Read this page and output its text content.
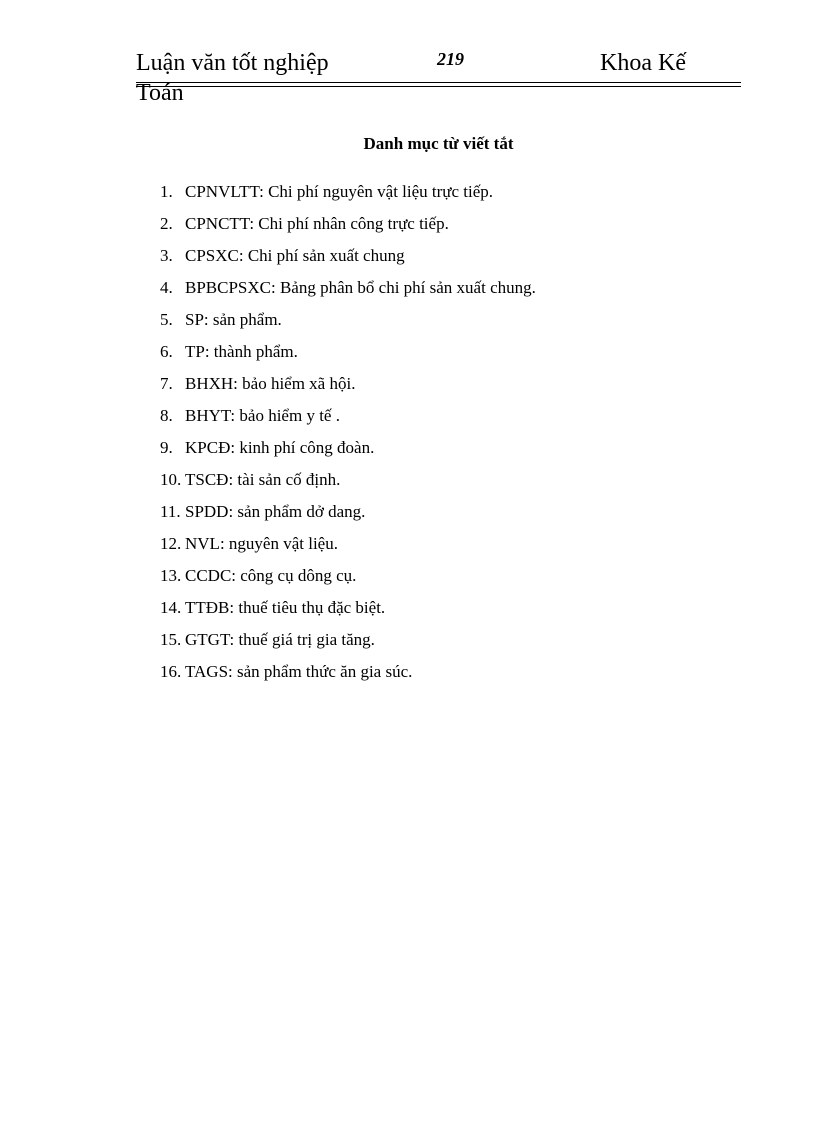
Luận văn tốt nghiệp Toán
219	Khoa Kế
Danh mục từ viết tắt
1. CPNVLTT: Chi phí nguyên vật liệu trực tiếp.
2. CPNCTT: Chi phí nhân công trực tiếp.
3. CPSXC: Chi phí sản xuất chung
4. BPBCPSXC: Bảng phân bổ chi phí sản xuất chung.
5. SP: sản phẩm.
6. TP: thành phẩm.
7. BHXH: bảo hiểm xã hội.
8. BHYT: bảo hiểm y tế .
9. KPCĐ: kinh phí công đoàn.
10. TSCĐ: tài sản cố định.
11. SPDD: sản phẩm dở dang.
12. NVL: nguyên vật liệu.
13. CCDC: công cụ dông cụ.
14. TTĐB: thuế tiêu thụ đặc biệt.
15. GTGT: thuế giá trị gia tăng.
16. TAGS: sản phẩm thức ăn gia súc.
